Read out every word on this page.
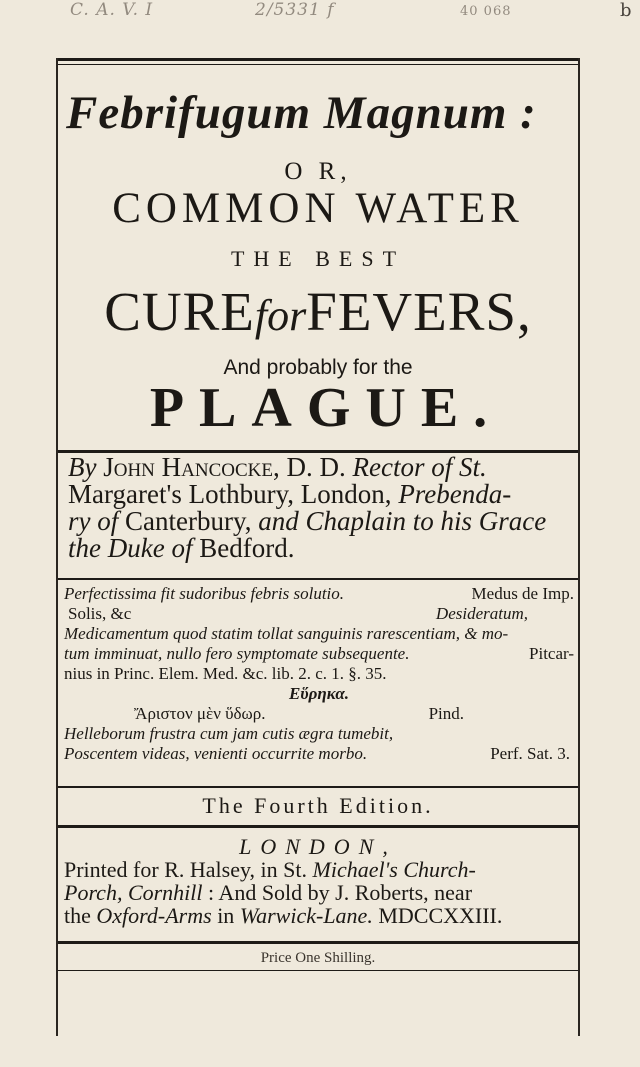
C. A. V. I	2/5331 f	40 068	b
Febrifugum Magnum :
O R,
COMMON WATER
THE BEST
CUREforFEVERS,
And probably for the
PLAGUE.
By John Hancocke, D. D. Rector of St.
Margaret's Lothbury, London, Prebenda-
ry of Canterbury, and Chaplain to his Grace
the Duke of Bedford.
Perfectissima fit sudoribus febris solutio.	Medus de Imp.
Solis, &c	Desideratum,
Medicamentum quod statim tollat sanguinis rarescentiam, & mo-
tum imminuat, nullo fero symptomate subsequente.	Pitcar-
nius in Princ. Elem. Med. &c. lib. 2. c. 1. §. 35.
Εὕρηκα.
Ἄριστον μὲν ὕδωρ.	Pind.
Helleborum frustra cum jam cutis ægra tumebit,
Poscentem videas, venienti occurrite morbo.	Perf. Sat. 3.
The Fourth Edition.
LONDON,
Printed for R. Halsey, in St. Michael's Church-
Porch, Cornhill : And Sold by J. Roberts, near
the Oxford-Arms in Warwick-Lane. MDCCXXIII.
Price One Shilling.
